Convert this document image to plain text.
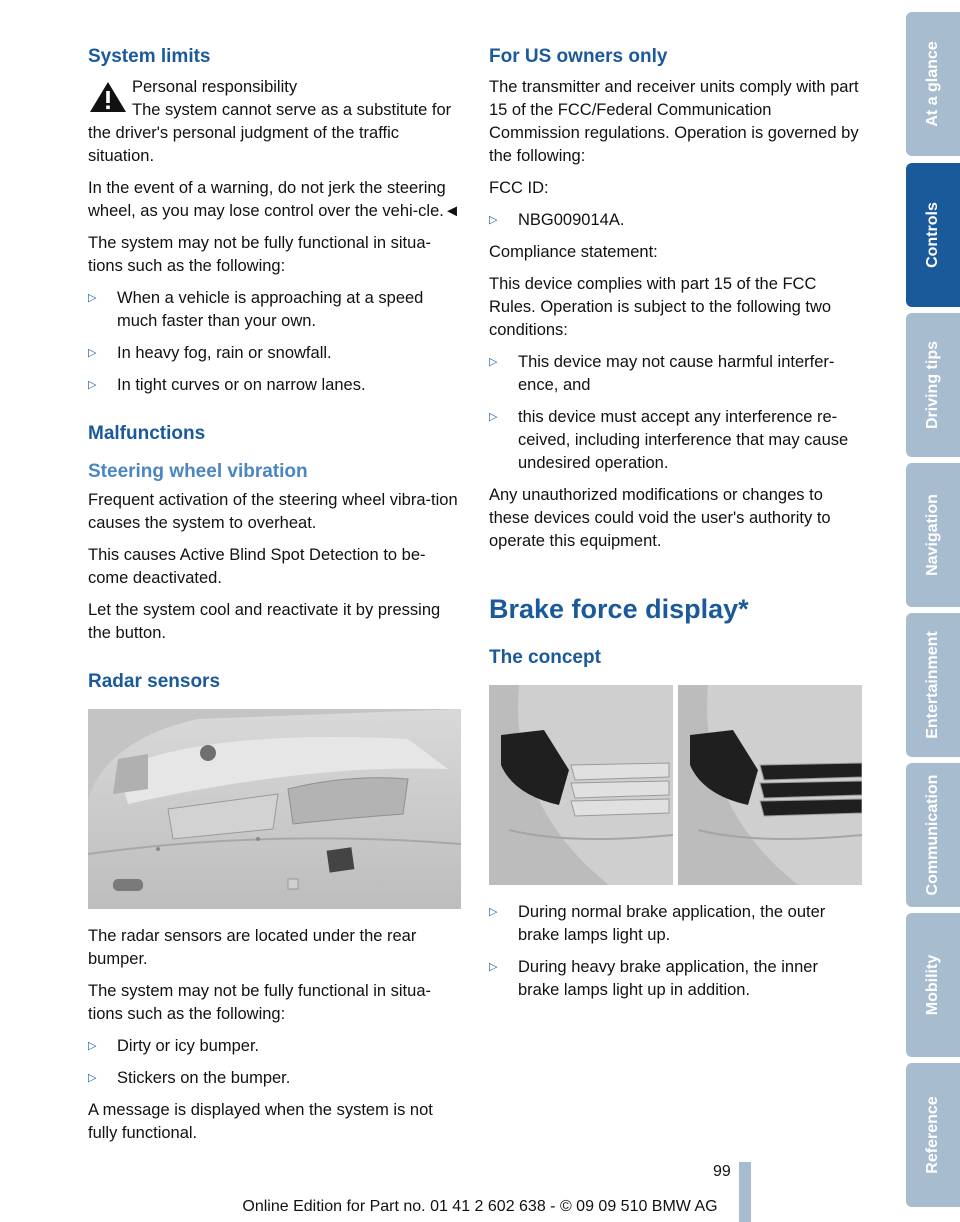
System limits

Personal responsibility

The system cannot serve as a substitute for the driver's personal judgment of the traffic situation.

In the event of a warning, do not jerk the steering wheel, as you may lose control over the vehi-cle.◄

The system may not be fully functional in situa-tions such as the following:

▷ When a vehicle is approaching at a speed much faster than your own.
▷ In heavy fog, rain or snowfall.
▷ In tight curves or on narrow lanes.
Malfunctions
Steering wheel vibration

Frequent activation of the steering wheel vibra-tion causes the system to overheat.

This causes Active Blind Spot Detection to be-come deactivated.

Let the system cool and reactivate it by pressing the button.

Radar sensors

The radar sensors are located under the rear bumper.

The system may not be fully functional in situa-tions such as the following:

▷ Dirty or icy bumper.
▷ Stickers on the bumper.

A message is displayed when the system is not fully functional.

For US owners only

The transmitter and receiver units comply with part 15 of the FCC/Federal Communication Commission regulations. Operation is governed by the following:

FCC ID:

▷ NBG009014A.

Compliance statement:

This device complies with part 15 of the FCC Rules. Operation is subject to the following two conditions:

▷ This device may not cause harmful interfer-ence, and
▷ this device must accept any interference re-ceived, including interference that may cause undesired operation.

Any unauthorized modifications or changes to these devices could void the user's authority to operate this equipment.

Brake force display*
The concept
▷ During normal brake application, the outer brake lamps light up.
▷ During heavy brake application, the inner brake lamps light up in addition.
At a glance
Controls
Driving tips
Navigation
Entertainment
Communication
Mobility
Reference
99
Online Edition for Part no. 01 41 2 602 638 - © 09 09 510 BMW AG
